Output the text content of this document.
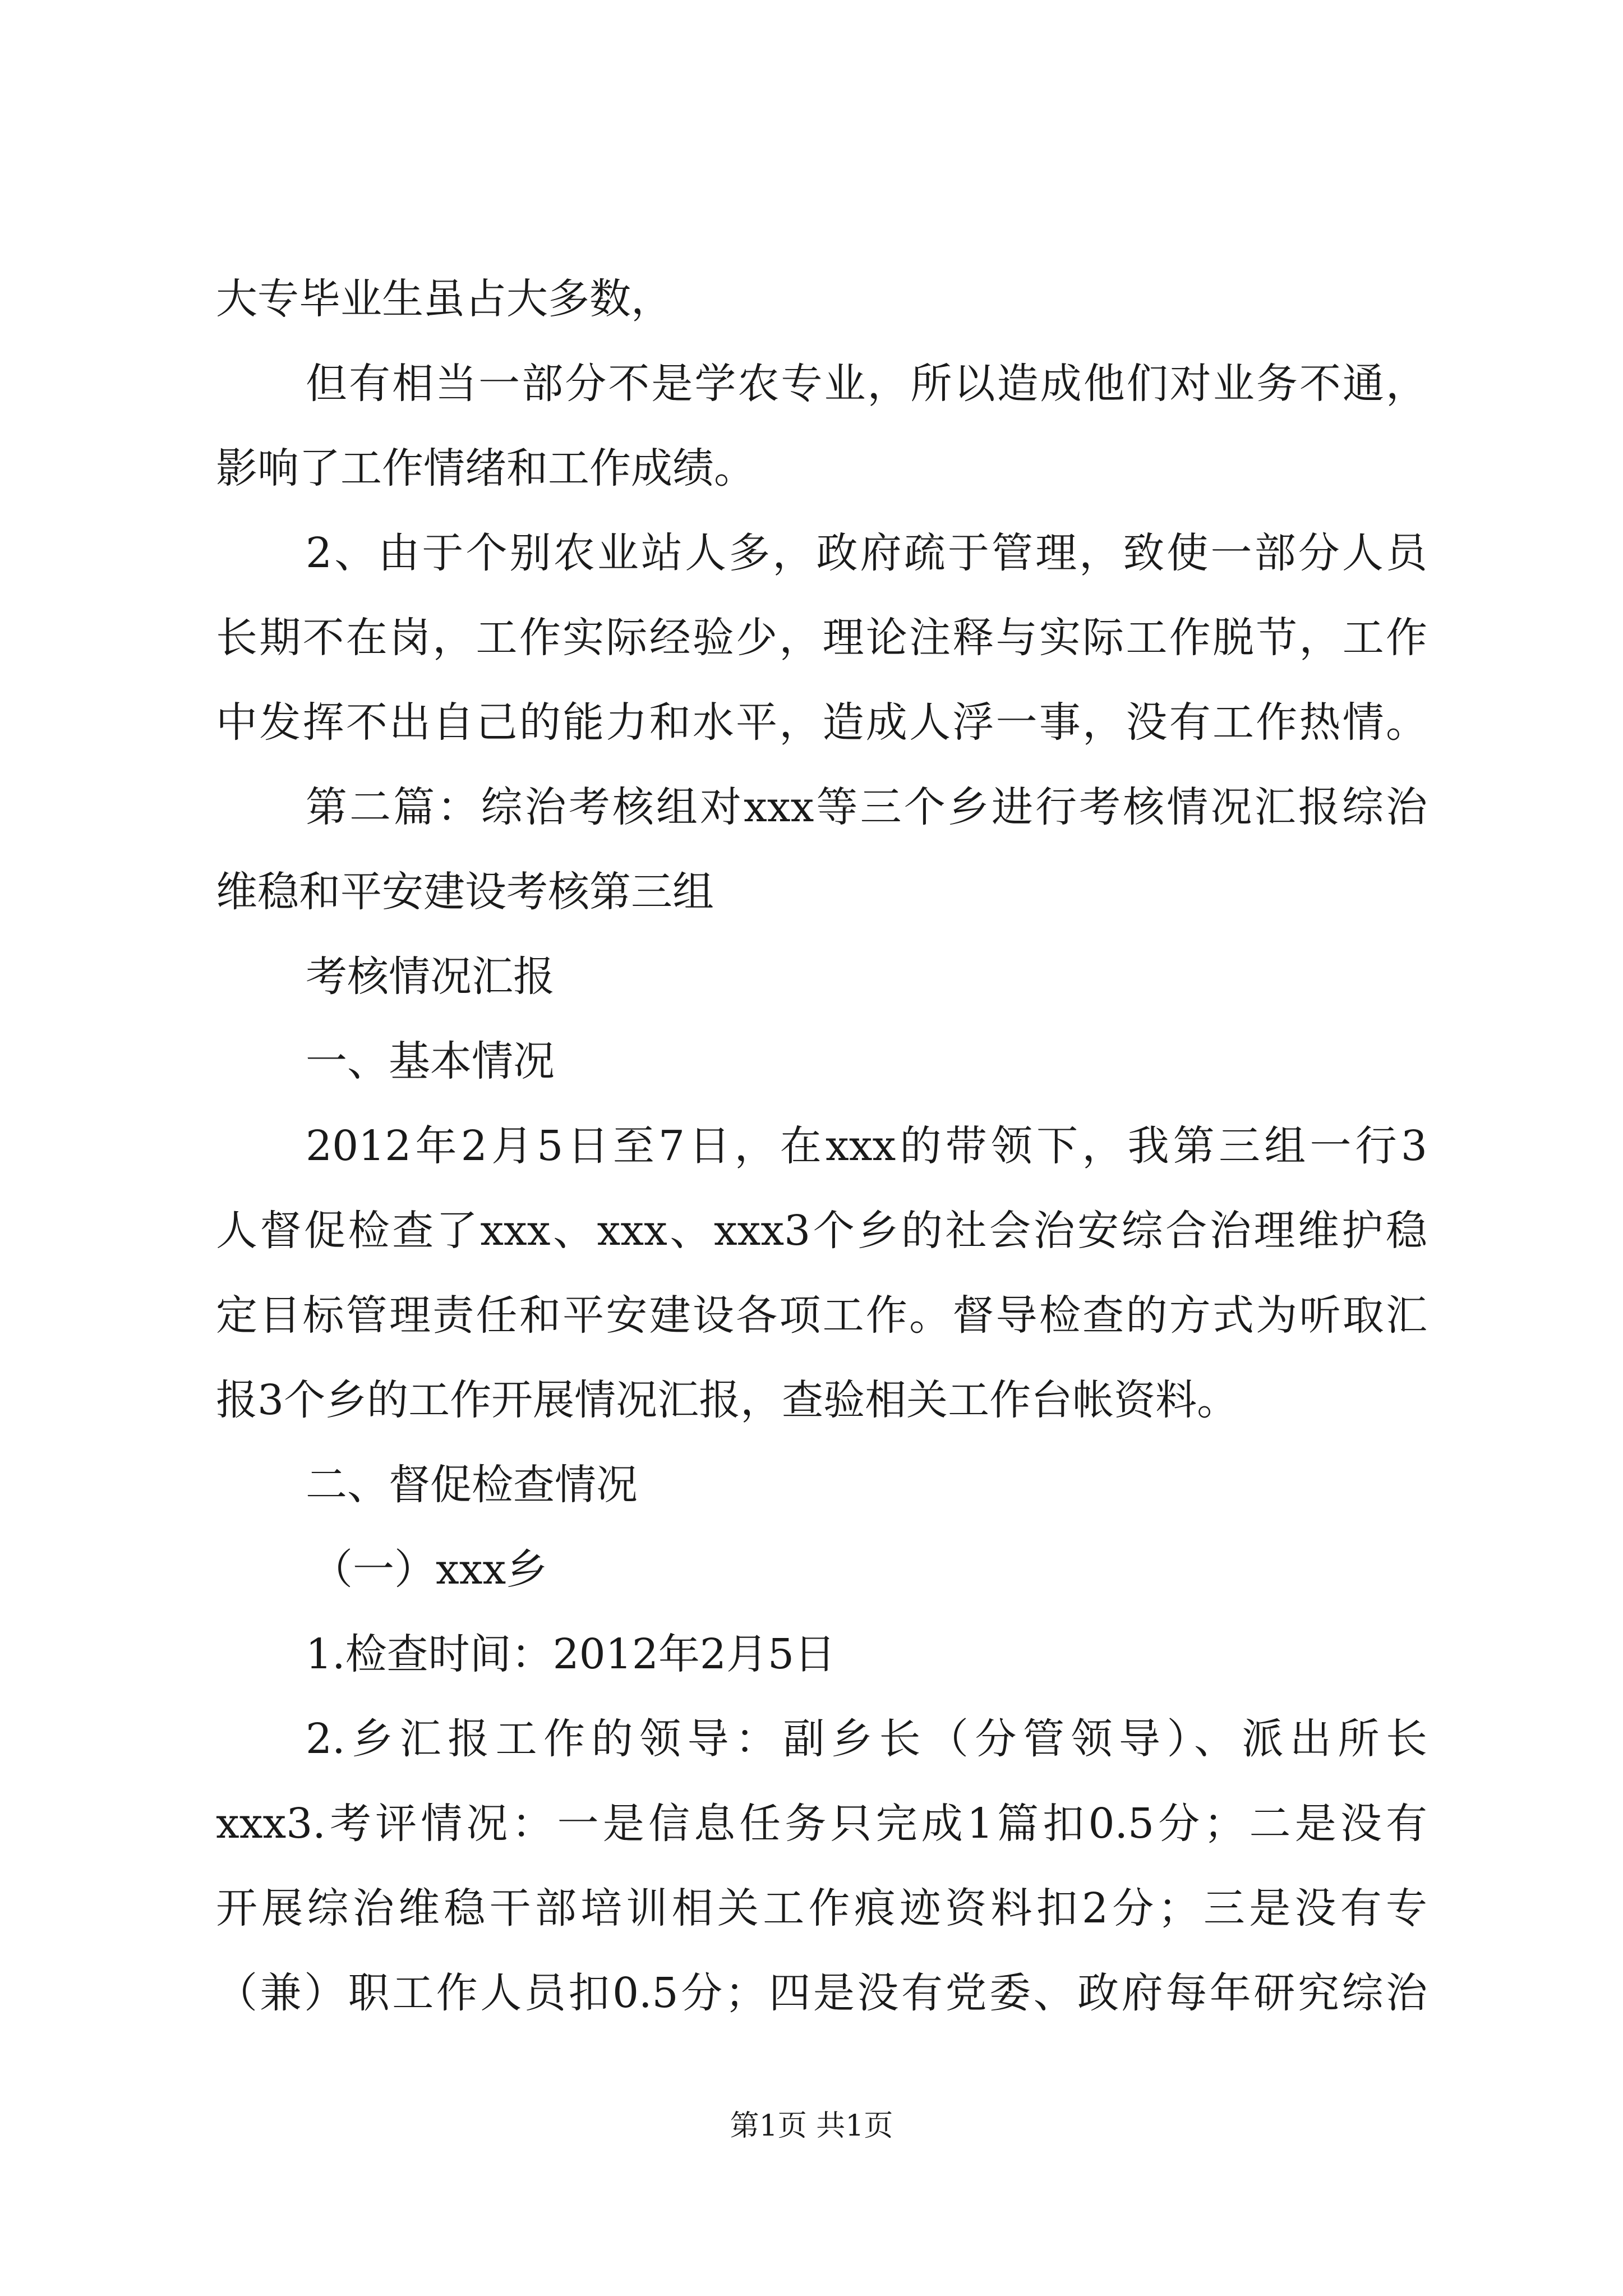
大专毕业生虽占大多数，
但有相当一部分不是学农专业，所以造成他们对业务不通，
影响了工作情绪和工作成绩。
2、由于个别农业站人多，政府疏于管理，致使一部分人员
长期不在岗，工作实际经验少，理论注释与实际工作脱节，工作
中发挥不出自己的能力和水平，造成人浮一事，没有工作热情。
第二篇：综治考核组对xxx等三个乡进行考核情况汇报综治
维稳和平安建设考核第三组
考核情况汇报
一、基本情况
2012年2月5日至7日，在xxx的带领下，我第三组一行3
人督促检查了xxx、xxx、xxx3个乡的社会治安综合治理维护稳
定目标管理责任和平安建设各项工作。督导检查的方式为听取汇
报3个乡的工作开展情况汇报，查验相关工作台帐资料。
二、督促检查情况
（一）xxx乡
1.检查时间：2012年2月5日
2.乡汇报工作的领导：副乡长（分管领导）、派出所长
xxx3.考评情况：一是信息任务只完成1篇扣0.5分；二是没有
开展综治维稳干部培训相关工作痕迹资料扣2分；三是没有专
（兼）职工作人员扣0.5分；四是没有党委、政府每年研究综治
第1页 共1页
